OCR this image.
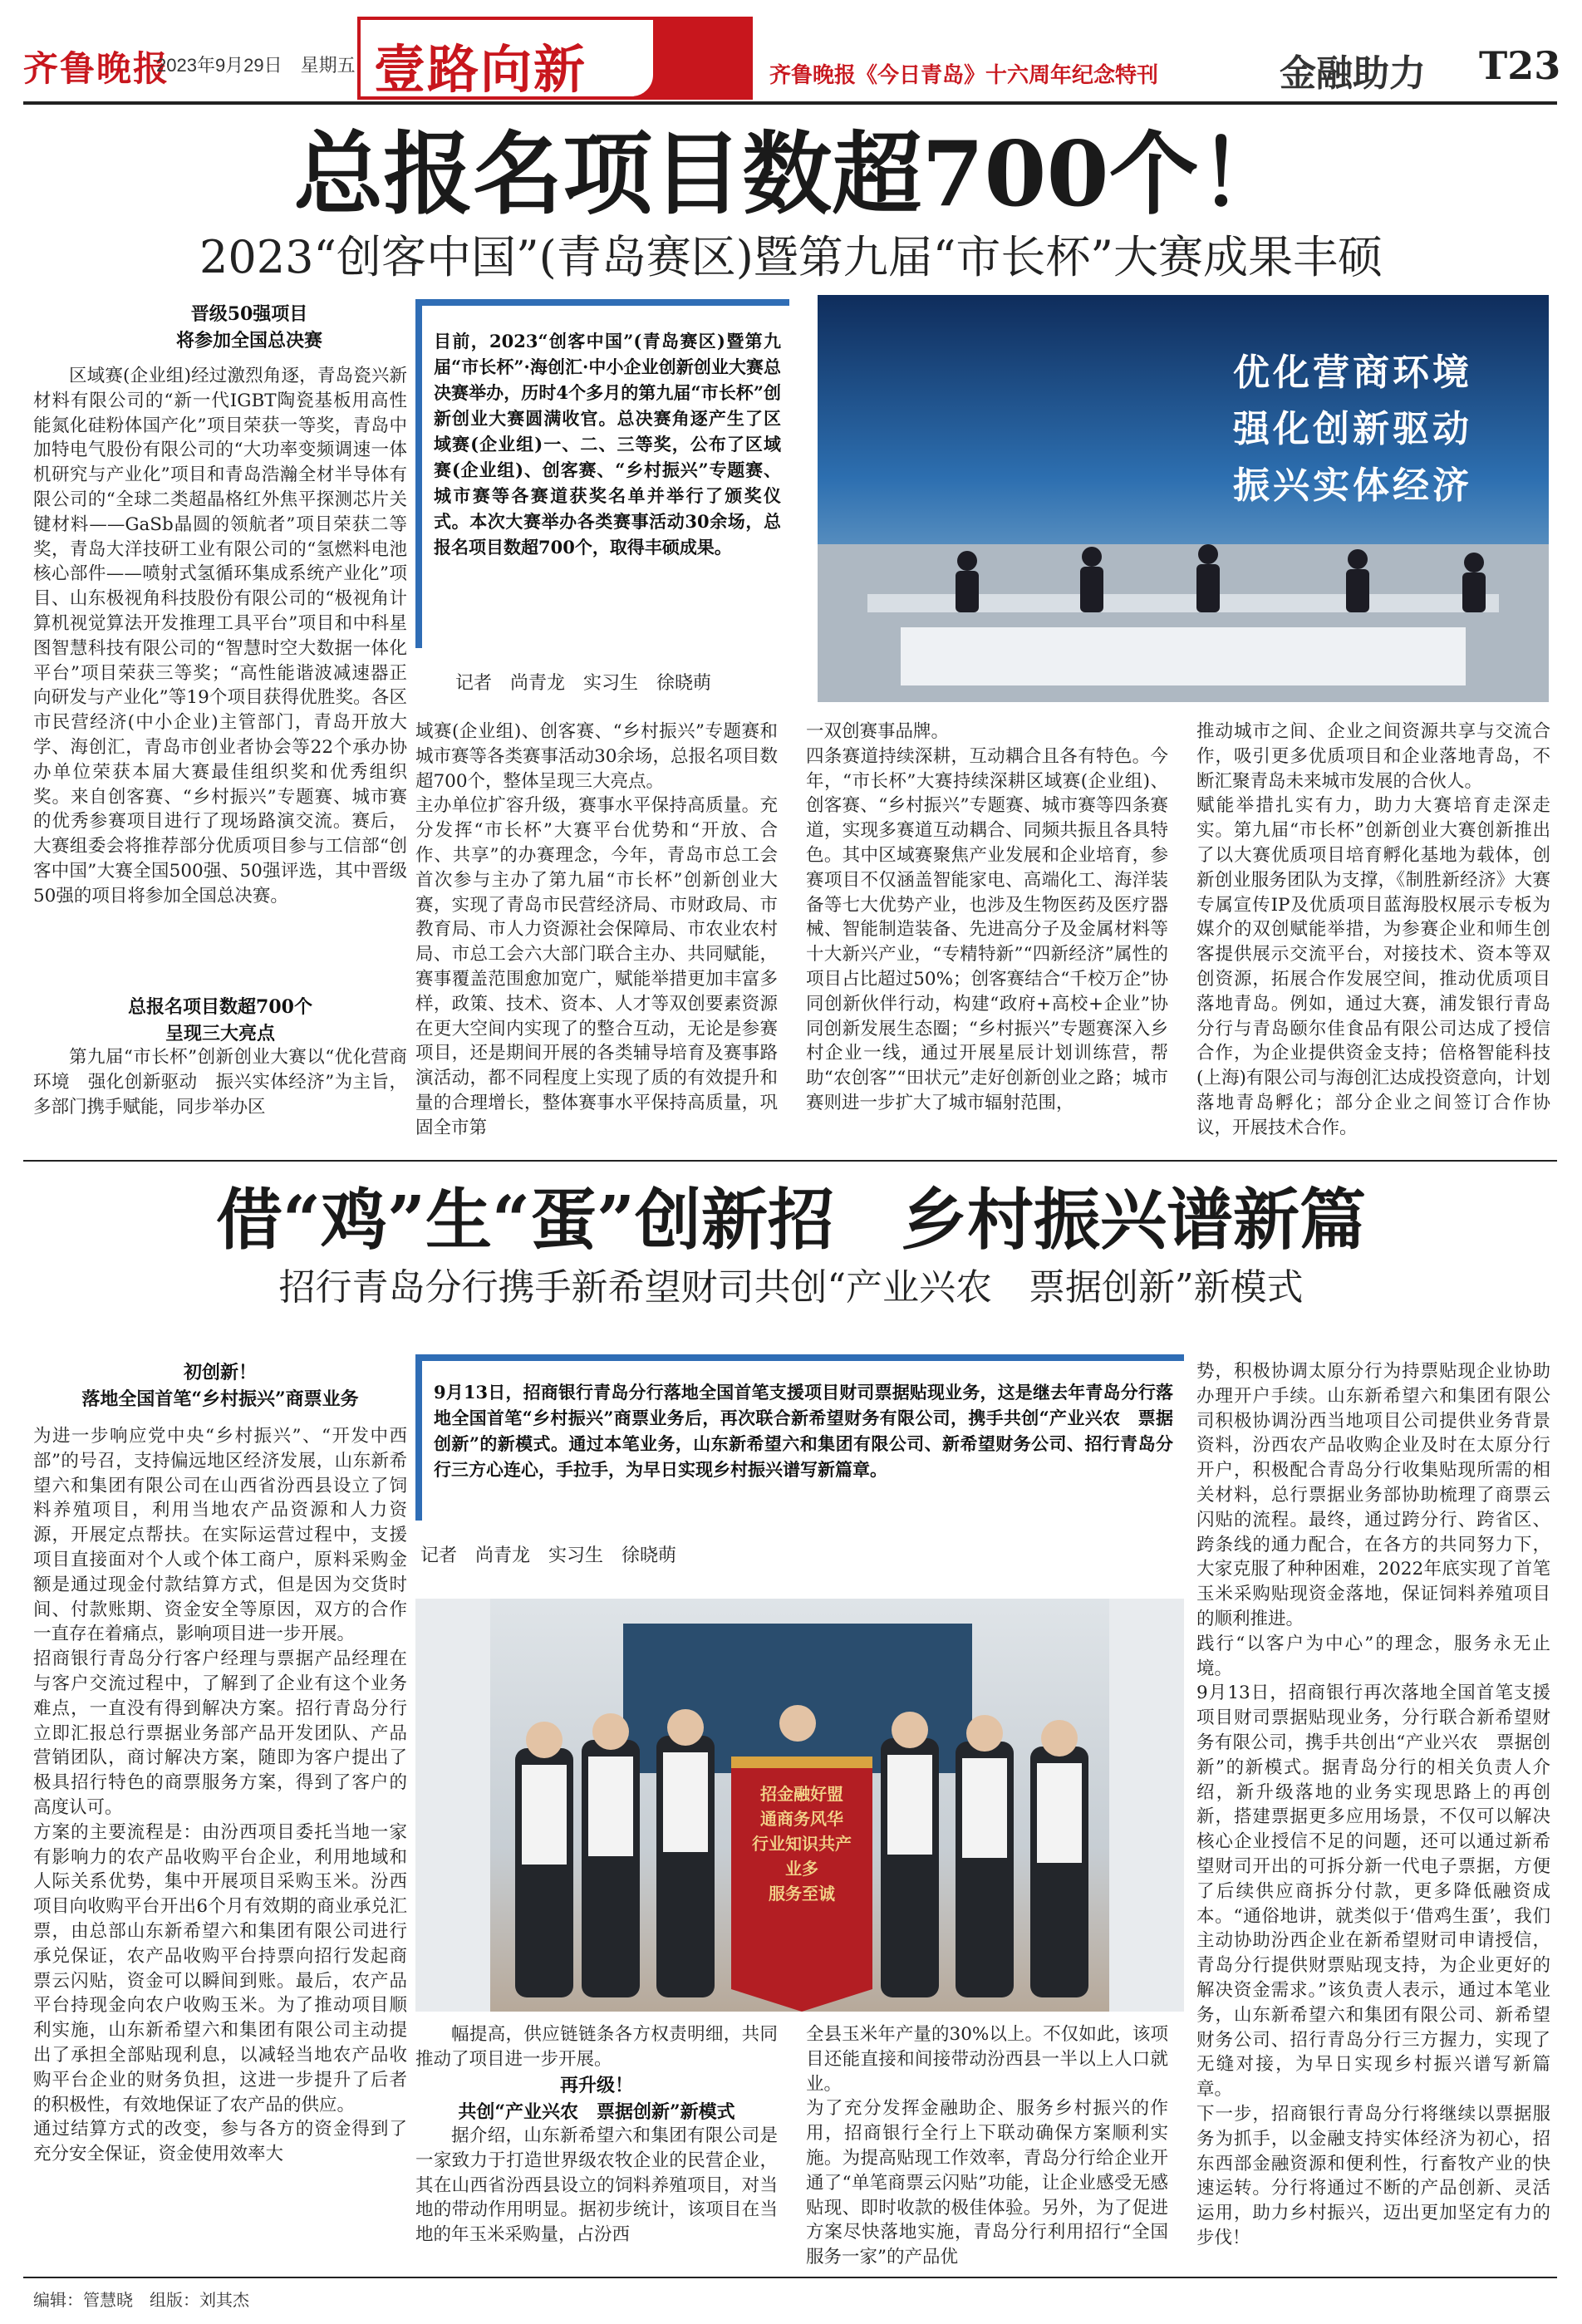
齐鲁晚报
2023年9月29日　星期五 壹路向新	齐鲁晚报《今日青岛》十六周年纪念特刊	金融助力 T23
总报名项目数超700个！
2023“创客中国”(青岛赛区)暨第九届“市长杯”大赛成果丰硕
晋级50强项目
将参加全国总决赛

区域赛(企业组)经过激烈角逐，青岛瓷兴新材料有限公司的“新一代IGBT陶瓷基板用高性能氮化硅粉体国产化”项目荣获一等奖，青岛中加特电气股份有限公司的“大功率变频调速一体机研究与产业化”项目和青岛浩瀚全材半导体有限公司的“全球二类超晶格红外焦平探测芯片关键材料——GaSb晶圆的领航者”项目荣获二等奖，青岛大洋技研工业有限公司的“氢燃料电池核心部件——喷射式氢循环集成系统产业化”项目、山东极视角科技股份有限公司的“极视角计算机视觉算法开发推理工具平台”项目和中科星图智慧科技有限公司的“智慧时空大数据一体化平台”项目荣获三等奖；“高性能谐波减速器正向研发与产业化”等19个项目获得优胜奖。各区市民营经济(中小企业)主管部门，青岛开放大学、海创汇，青岛市创业者协会等22个承办协办单位荣获本届大赛最佳组织奖和优秀组织奖。来自创客赛、“乡村振兴”专题赛、城市赛的优秀参赛项目进行了现场路演交流。赛后，大赛组委会将推荐部分优质项目参与工信部“创客中国”大赛全国500强、50强评选，其中晋级50强的项目将参加全国总决赛。

总报名项目数超700个
呈现三大亮点

第九届“市长杯”创新创业大赛以“优化营商环境　强化创新驱动　振兴实体经济”为主旨，多部门携手赋能，同步举办区

目前，2023“创客中国”(青岛赛区)暨第九届“市长杯”·海创汇·中小企业创新创业大赛总决赛举办，历时4个多月的第九届“市长杯”创新创业大赛圆满收官。总决赛角逐产生了区域赛(企业组)一、二、三等奖，公布了区域赛(企业组)、创客赛、“乡村振兴”专题赛、城市赛等各赛道获奖名单并举行了颁奖仪式。本次大赛举办各类赛事活动30余场，总报名项目数超700个，取得丰硕成果。
记者　尚青龙　实习生　徐晓萌
优化营商环境
强化创新驱动
振兴实体经济

域赛(企业组)、创客赛、“乡村振兴”专题赛和城市赛等各类赛事活动30余场，总报名项目数超700个，整体呈现三大亮点。
主办单位扩容升级，赛事水平保持高质量。充分发挥“市长杯”大赛平台优势和“开放、合作、共享”的办赛理念，今年，青岛市总工会首次参与主办了第九届“市长杯”创新创业大赛，实现了青岛市民营经济局、市财政局、市教育局、市人力资源社会保障局、市农业农村局、市总工会六大部门联合主办、共同赋能，赛事覆盖范围愈加宽广，赋能举措更加丰富多样，政策、技术、资本、人才等双创要素资源在更大空间内实现了的整合互动，无论是参赛项目，还是期间开展的各类辅导培育及赛事路演活动，都不同程度上实现了质的有效提升和量的合理增长，整体赛事水平保持高质量，巩固全市第

一双创赛事品牌。
四条赛道持续深耕，互动耦合且各有特色。今年，“市长杯”大赛持续深耕区域赛(企业组)、创客赛、“乡村振兴”专题赛、城市赛等四条赛道，实现多赛道互动耦合、同频共振且各具特色。其中区域赛聚焦产业发展和企业培育，参赛项目不仅涵盖智能家电、高端化工、海洋装备等七大优势产业，也涉及生物医药及医疗器械、智能制造装备、先进高分子及金属材料等十大新兴产业，“专精特新”“四新经济”属性的项目占比超过50%；创客赛结合“千校万企”协同创新伙伴行动，构建“政府+高校+企业”协同创新发展生态圈；“乡村振兴”专题赛深入乡村企业一线，通过开展星辰计划训练营，帮助“农创客”“田状元”走好创新创业之路；城市赛则进一步扩大了城市辐射范围，

推动城市之间、企业之间资源共享与交流合作，吸引更多优质项目和企业落地青岛，不断汇聚青岛未来城市发展的合伙人。
赋能举措扎实有力，助力大赛培育走深走实。第九届“市长杯”创新创业大赛创新推出了以大赛优质项目培育孵化基地为载体，创新创业服务团队为支撑，《制胜新经济》大赛专属宣传IP及优质项目蓝海股权展示专板为媒介的双创赋能举措，为参赛企业和师生创客提供展示交流平台，对接技术、资本等双创资源，拓展合作发展空间，推动优质项目落地青岛。例如，通过大赛，浦发银行青岛分行与青岛颐尔佳食品有限公司达成了授信合作，为企业提供资金支持；倍格智能科技(上海)有限公司与海创汇达成投资意向，计划落地青岛孵化；部分企业之间签订合作协议，开展技术合作。

借“鸡”生“蛋”创新招　乡村振兴谱新篇
招行青岛分行携手新希望财司共创“产业兴农　票据创新”新模式
初创新！
落地全国首笔“乡村振兴”商票业务

为进一步响应党中央“乡村振兴”、“开发中西部”的号召，支持偏远地区经济发展，山东新希望六和集团有限公司在山西省汾西县设立了饲料养殖项目，利用当地农产品资源和人力资源，开展定点帮扶。在实际运营过程中，支援项目直接面对个人或个体工商户，原料采购金额是通过现金付款结算方式，但是因为交货时间、付款账期、资金安全等原因，双方的合作一直存在着痛点，影响项目进一步开展。
招商银行青岛分行客户经理与票据产品经理在与客户交流过程中，了解到了企业有这个业务难点，一直没有得到解决方案。招行青岛分行立即汇报总行票据业务部产品开发团队、产品营销团队，商讨解决方案，随即为客户提出了极具招行特色的商票服务方案，得到了客户的高度认可。
方案的主要流程是：由汾西项目委托当地一家有影响力的农产品收购平台企业，利用地域和人际关系优势，集中开展项目采购玉米。汾西项目向收购平台开出6个月有效期的商业承兑汇票，由总部山东新希望六和集团有限公司进行承兑保证，农产品收购平台持票向招行发起商票云闪贴，资金可以瞬间到账。最后，农产品平台持现金向农户收购玉米。为了推动项目顺利实施，山东新希望六和集团有限公司主动提出了承担全部贴现利息，以减轻当地农产品收购平台企业的财务负担，这进一步提升了后者的积极性，有效地保证了农产品的供应。
通过结算方式的改变，参与各方的资金得到了充分安全保证，资金使用效率大

9月13日，招商银行青岛分行落地全国首笔支援项目财司票据贴现业务，这是继去年青岛分行落地全国首笔“乡村振兴”商票业务后，再次联合新希望财务有限公司，携手共创“产业兴农　票据创新”的新模式。通过本笔业务，山东新希望六和集团有限公司、新希望财务公司、招行青岛分行三方心连心，手拉手，为早日实现乡村振兴谱写新篇章。
记者　尚青龙　实习生　徐晓萌
招金融好盟　通商务风华
行业知识共产业多
服务至诚

幅提高，供应链链条各方权责明细，共同推动了项目进一步开展。

再升级！
共创“产业兴农　票据创新”新模式

据介绍，山东新希望六和集团有限公司是一家致力于打造世界级农牧企业的民营企业，其在山西省汾西县设立的饲料养殖项目，对当地的带动作用明显。据初步统计，该项目在当地的年玉米采购量，占汾西

全县玉米年产量的30%以上。不仅如此，该项目还能直接和间接带动汾西县一半以上人口就业。
为了充分发挥金融助企、服务乡村振兴的作用，招商银行全行上下联动确保方案顺利实施。为提高贴现工作效率，青岛分行给企业开通了“单笔商票云闪贴”功能，让企业感受无感贴现、即时收款的极佳体验。另外，为了促进方案尽快落地实施，青岛分行利用招行“全国服务一家”的产品优

势，积极协调太原分行为持票贴现企业协助办理开户手续。山东新希望六和集团有限公司积极协调汾西当地项目公司提供业务背景资料，汾西农产品收购企业及时在太原分行开户，积极配合青岛分行收集贴现所需的相关材料，总行票据业务部协助梳理了商票云闪贴的流程。最终，通过跨分行、跨省区、跨条线的通力配合，在各方的共同努力下，大家克服了种种困难，2022年底实现了首笔玉米采购贴现资金落地，保证饲料养殖项目的顺利推进。
践行“以客户为中心”的理念，服务永无止境。
9月13日，招商银行再次落地全国首笔支援项目财司票据贴现业务，分行联合新希望财务有限公司，携手共创出“产业兴农　票据创新”的新模式。据青岛分行的相关负责人介绍，新升级落地的业务实现思路上的再创新，搭建票据更多应用场景，不仅可以解决核心企业授信不足的问题，还可以通过新希望财司开出的可拆分新一代电子票据，方便了后续供应商拆分付款，更多降低融资成本。“通俗地讲，就类似于‘借鸡生蛋’，我们主动协助汾西企业在新希望财司申请授信，青岛分行提供财票贴现支持，为企业更好的解决资金需求。”该负责人表示，通过本笔业务，山东新希望六和集团有限公司、新希望财务公司、招行青岛分行三方握力，实现了无缝对接，为早日实现乡村振兴谱写新篇章。
下一步，招商银行青岛分行将继续以票据服务为抓手，以金融支持实体经济为初心，招东西部金融资源和便利性，行畜牧产业的快速运转。分行将通过不断的产品创新、灵活运用，助力乡村振兴，迈出更加坚定有力的步伐！

编辑：管慧晓　组版：刘其杰
